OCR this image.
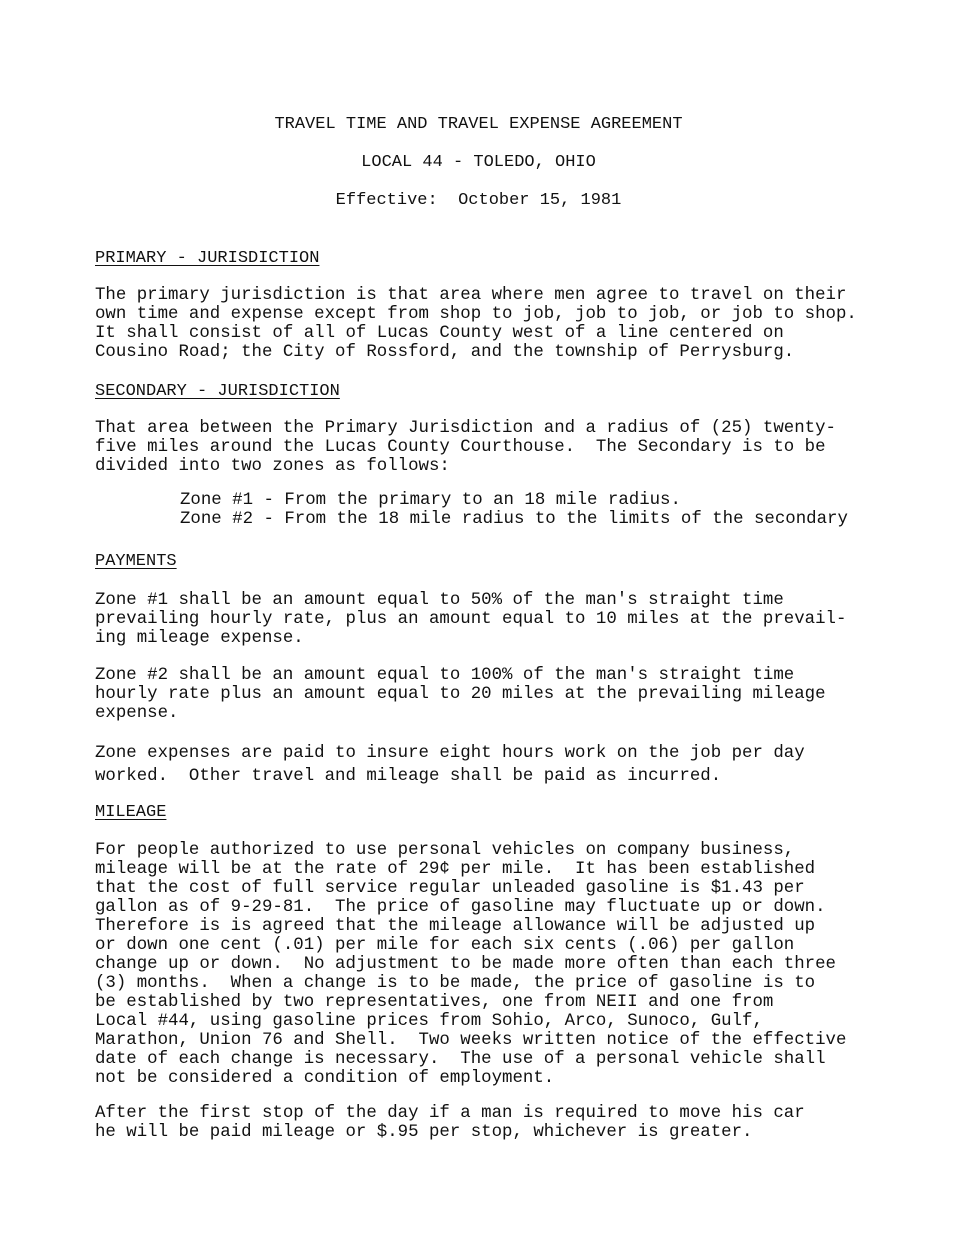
TRAVEL TIME AND TRAVEL EXPENSE AGREEMENT
LOCAL 44 - TOLEDO, OHIO
Effective:  October 15, 1981
PRIMARY - JURISDICTION
The primary jurisdiction is that area where men agree to travel on their
own time and expense except from shop to job, job to job, or job to shop.
It shall consist of all of Lucas County west of a line centered on
Cousino Road; the City of Rossford, and the township of Perrysburg.
SECONDARY - JURISDICTION
That area between the Primary Jurisdiction and a radius of (25) twenty-
five miles around the Lucas County Courthouse.  The Secondary is to be
divided into two zones as follows:
Zone #1 - From the primary to an 18 mile radius.
Zone #2 - From the 18 mile radius to the limits of the secondary
PAYMENTS
Zone #1 shall be an amount equal to 50% of the man's straight time
prevailing hourly rate, plus an amount equal to 10 miles at the prevail-
ing mileage expense.
Zone #2 shall be an amount equal to 100% of the man's straight time
hourly rate plus an amount equal to 20 miles at the prevailing mileage
expense.
Zone expenses are paid to insure eight hours work on the job per day
worked.  Other travel and mileage shall be paid as incurred.
MILEAGE
For people authorized to use personal vehicles on company business,
mileage will be at the rate of 29¢ per mile.  It has been established
that the cost of full service regular unleaded gasoline is $1.43 per
gallon as of 9-29-81.  The price of gasoline may fluctuate up or down.
Therefore is is agreed that the mileage allowance will be adjusted up
or down one cent (.01) per mile for each six cents (.06) per gallon
change up or down.  No adjustment to be made more often than each three
(3) months.  When a change is to be made, the price of gasoline is to
be established by two representatives, one from NEII and one from
Local #44, using gasoline prices from Sohio, Arco, Sunoco, Gulf,
Marathon, Union 76 and Shell.  Two weeks written notice of the effective
date of each change is necessary.  The use of a personal vehicle shall
not be considered a condition of employment.
After the first stop of the day if a man is required to move his car
he will be paid mileage or $.95 per stop, whichever is greater.
